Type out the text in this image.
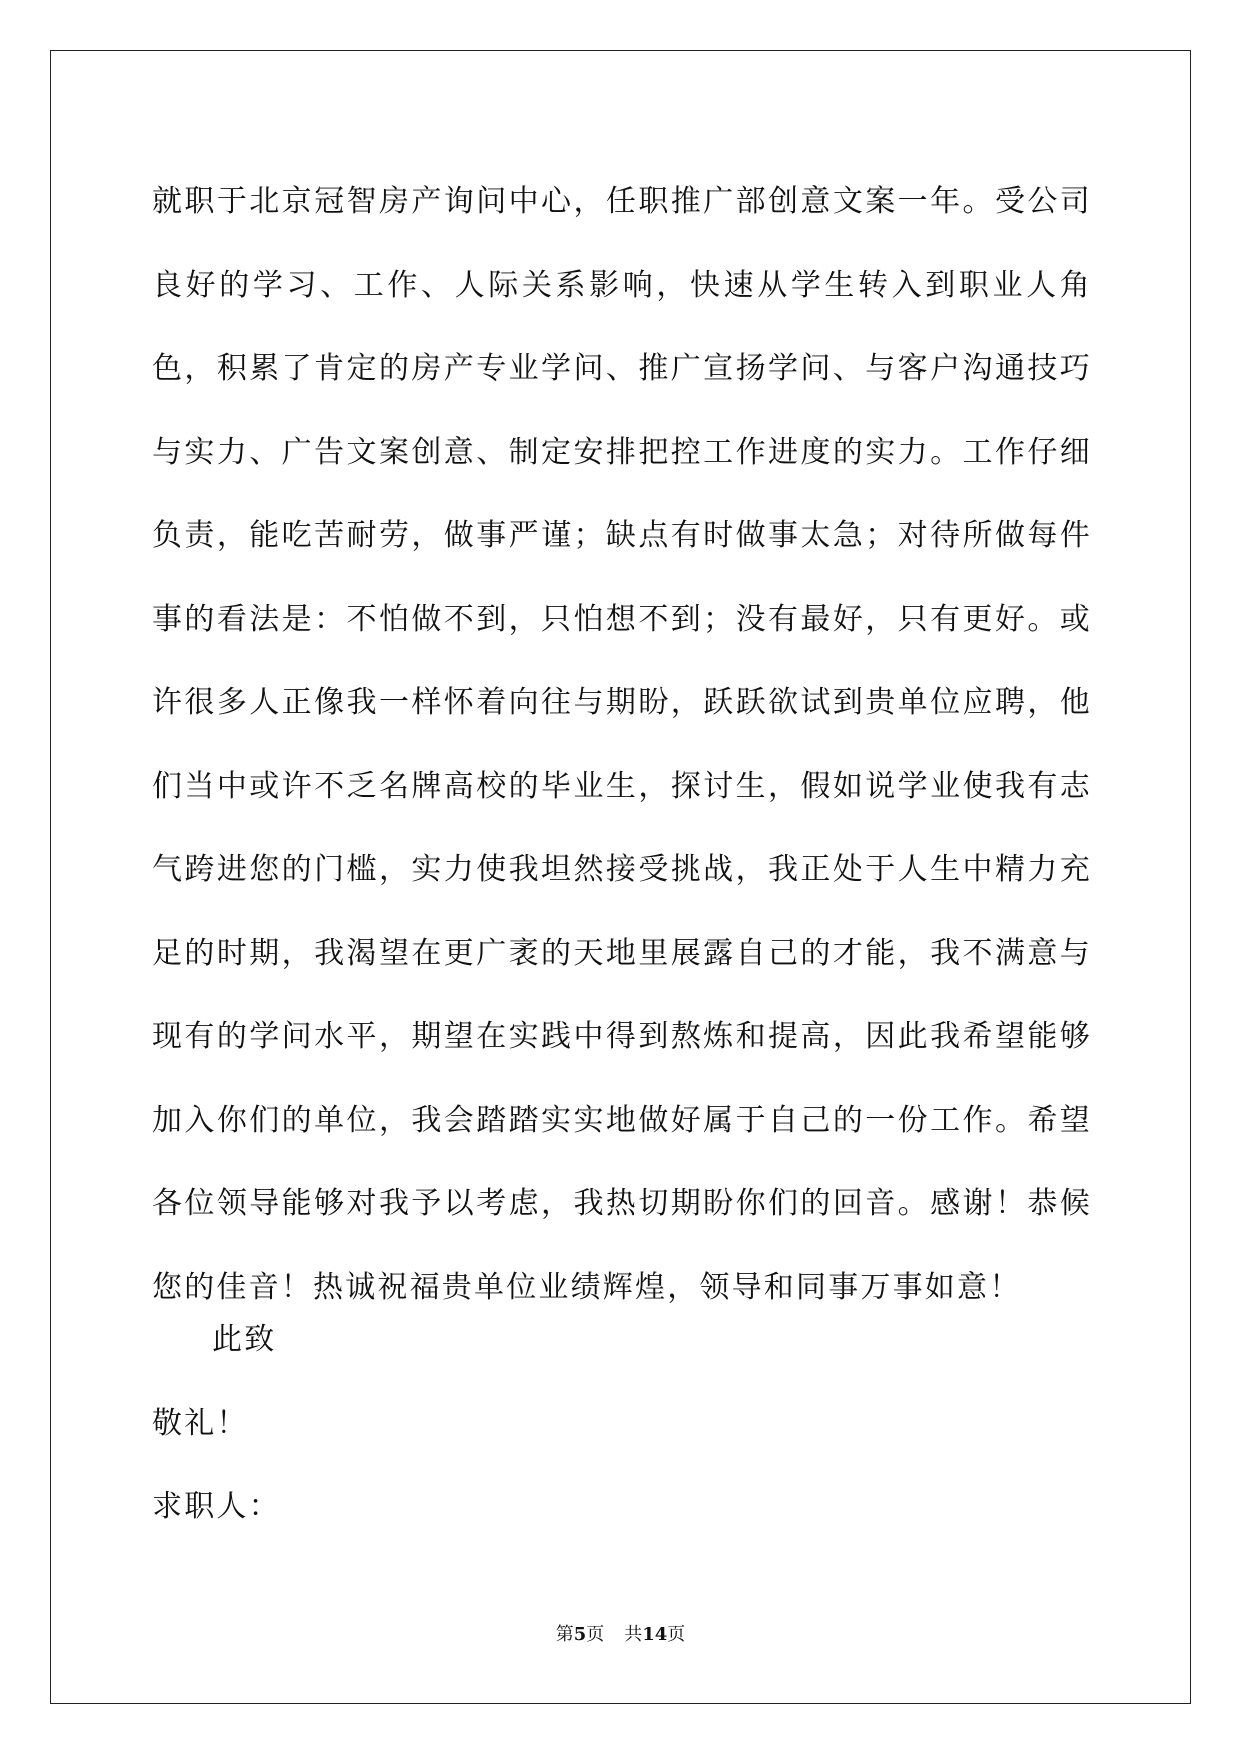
就职于北京冠智房产询问中心，任职推广部创意文案一年。受公司良好的学习、工作、人际关系影响，快速从学生转入到职业人角色，积累了肯定的房产专业学问、推广宣扬学问、与客户沟通技巧与实力、广告文案创意、制定安排把控工作进度的实力。工作仔细负责，能吃苦耐劳，做事严谨；缺点有时做事太急；对待所做每件事的看法是：不怕做不到，只怕想不到；没有最好，只有更好。或许很多人正像我一样怀着向往与期盼，跃跃欲试到贵单位应聘，他们当中或许不乏名牌高校的毕业生，探讨生，假如说学业使我有志气跨进您的门槛，实力使我坦然接受挑战，我正处于人生中精力充足的时期，我渴望在更广袤的天地里展露自己的才能，我不满意与现有的学问水平，期望在实践中得到熬炼和提高，因此我希望能够加入你们的单位，我会踏踏实实地做好属于自己的一份工作。希望各位领导能够对我予以考虑，我热切期盼你们的回音。感谢！恭候您的佳音！热诚祝福贵单位业绩辉煌，领导和同事万事如意！

此致

敬礼！

求职人：

第5页 共14页
